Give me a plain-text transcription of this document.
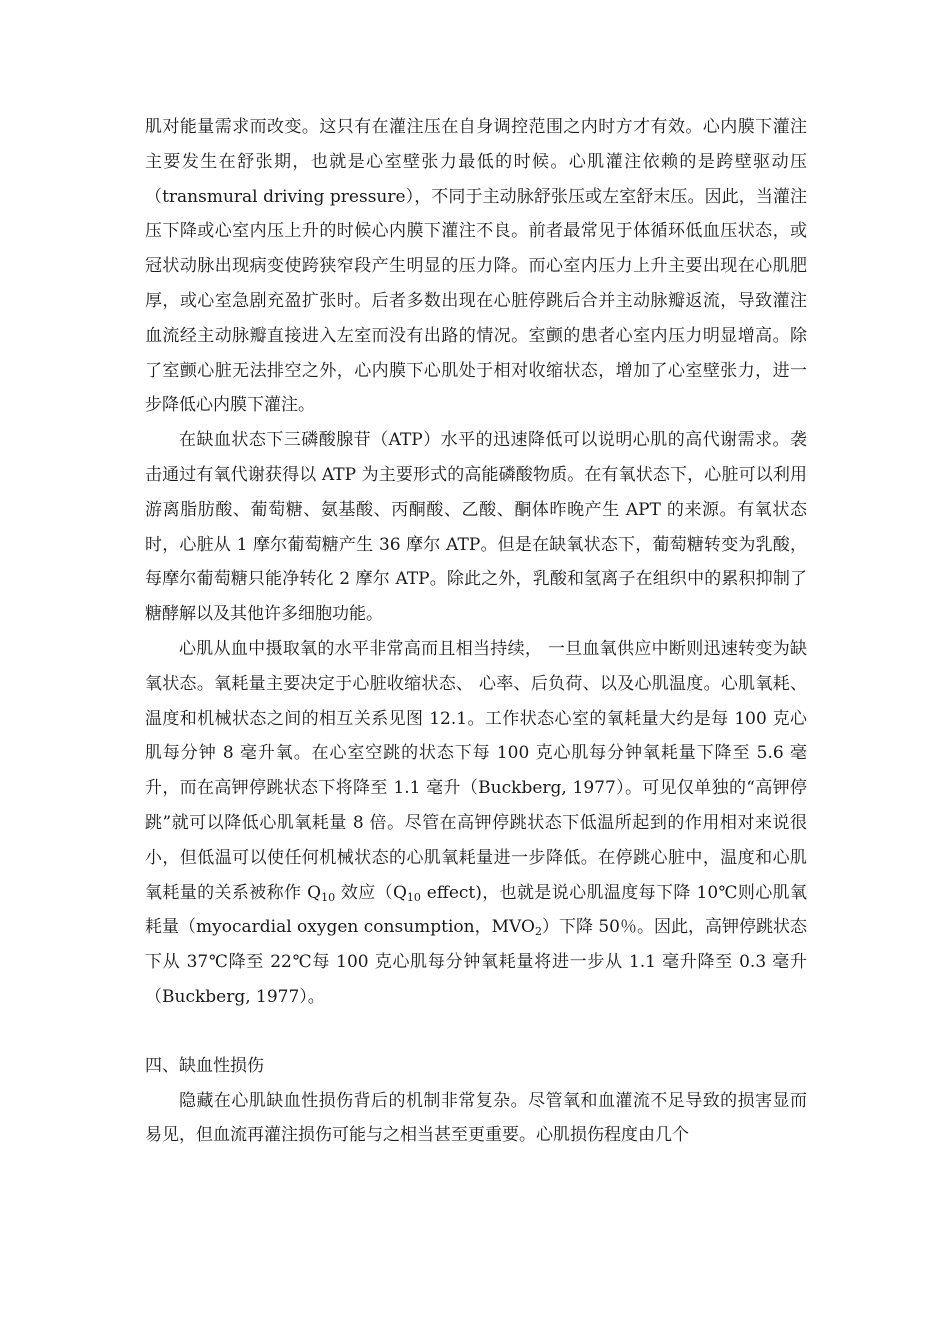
肌对能量需求而改变。这只有在灌注压在自身调控范围之内时方才有效。心内膜下灌注主要发生在舒张期，也就是心室壁张力最低的时候。心肌灌注依赖的是跨壁驱动压（transmural driving pressure），不同于主动脉舒张压或左室舒末压。因此，当灌注压下降或心室内压上升的时候心内膜下灌注不良。前者最常见于体循环低血压状态，或冠状动脉出现病变使跨狭窄段产生明显的压力降。而心室内压力上升主要出现在心肌肥厚，或心室急剧充盈扩张时。后者多数出现在心脏停跳后合并主动脉瓣返流，导致灌注血流经主动脉瓣直接进入左室而没有出路的情况。室颤的患者心室内压力明显增高。除了室颤心脏无法排空之外，心内膜下心肌处于相对收缩状态，增加了心室壁张力，进一步降低心内膜下灌注。

在缺血状态下三磷酸腺苷（ATP）水平的迅速降低可以说明心肌的高代谢需求。袭击通过有氧代谢获得以 ATP 为主要形式的高能磷酸物质。在有氧状态下，心脏可以利用游离脂肪酸、葡萄糖、氨基酸、丙酮酸、乙酸、酮体昨晚产生 APT 的来源。有氧状态时，心脏从 1 摩尔葡萄糖产生 36 摩尔 ATP。但是在缺氧状态下，葡萄糖转变为乳酸，每摩尔葡萄糖只能净转化 2 摩尔 ATP。除此之外，乳酸和氢离子在组织中的累积抑制了糖酵解以及其他许多细胞功能。

心肌从血中摄取氧的水平非常高而且相当持续， 一旦血氧供应中断则迅速转变为缺氧状态。氧耗量主要决定于心脏收缩状态、 心率、后负荷、以及心肌温度。心肌氧耗、温度和机械状态之间的相互关系见图 12.1。工作状态心室的氧耗量大约是每 100 克心肌每分钟 8 毫升氧。在心室空跳的状态下每 100 克心肌每分钟氧耗量下降至 5.6 毫升，而在高钾停跳状态下将降至 1.1 毫升（Buckberg, 1977）。可见仅单独的“高钾停跳”就可以降低心肌氧耗量 8 倍。尽管在高钾停跳状态下低温所起到的作用相对来说很小，但低温可以使任何机械状态的心肌氧耗量进一步降低。在停跳心脏中，温度和心肌氧耗量的关系被称作 $Q_{10}$ 效应（$Q_{10}$ effect)，也就是说心肌温度每下降 10℃则心肌氧耗量（myocardial oxygen consumption，$MVO_2$）下降 50％。因此，高钾停跳状态下从 37℃降至 22℃每 100 克心肌每分钟氧耗量将进一步从 1.1 毫升降至 0.3 毫升（Buckberg, 1977）。

四、缺血性损伤

隐藏在心肌缺血性损伤背后的机制非常复杂。尽管氧和血灌流不足导致的损害显而易见，但血流再灌注损伤可能与之相当甚至更重要。心肌损伤程度由几个
